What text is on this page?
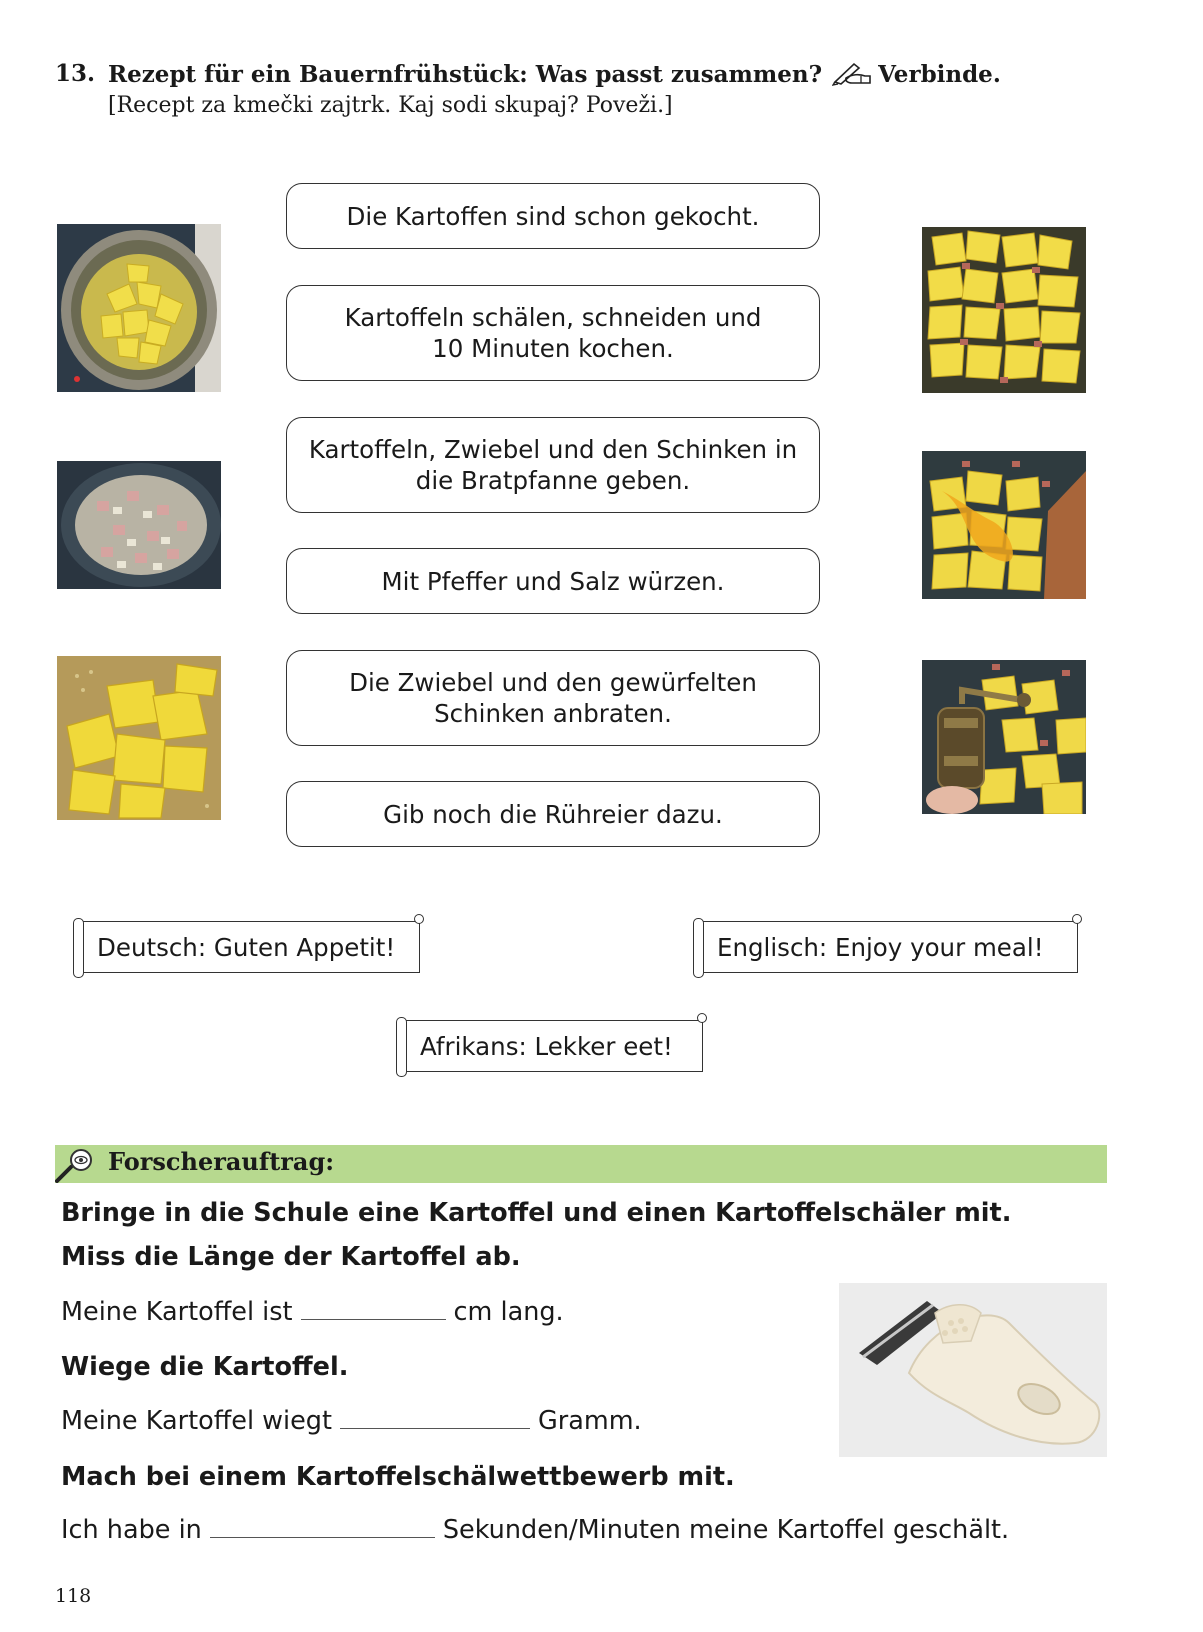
13. Rezept für ein Bauernfrühstück: Was passt zusammen? Verbinde.
[Recept za kmečki zajtrk. Kaj sodi skupaj? Poveži.]
Die Kartoffen sind schon gekocht.
Kartoffeln schälen, schneiden und 10 Minuten kochen.
Kartoffeln, Zwiebel und den Schinken in die Bratpfanne geben.
Mit Pfeffer und Salz würzen.
Die Zwiebel und den gewürfelten Schinken anbraten.
Gib noch die Rühreier dazu.
Deutsch: Guten Appetit!	Englisch: Enjoy your meal!
Afrikans: Lekker eet!
Forscherauftrag:
Bringe in die Schule eine Kartoffel und einen Kartoffelschäler mit.
Miss die Länge der Kartoffel ab.
Meine Kartoffel ist	cm lang.
Wiege die Kartoffel.
Meine Kartoffel wiegt	Gramm.
Mach bei einem Kartoffelschälwettbewerb mit.
Ich habe in	Sekunden/Minuten meine Kartoffel geschält.
118
